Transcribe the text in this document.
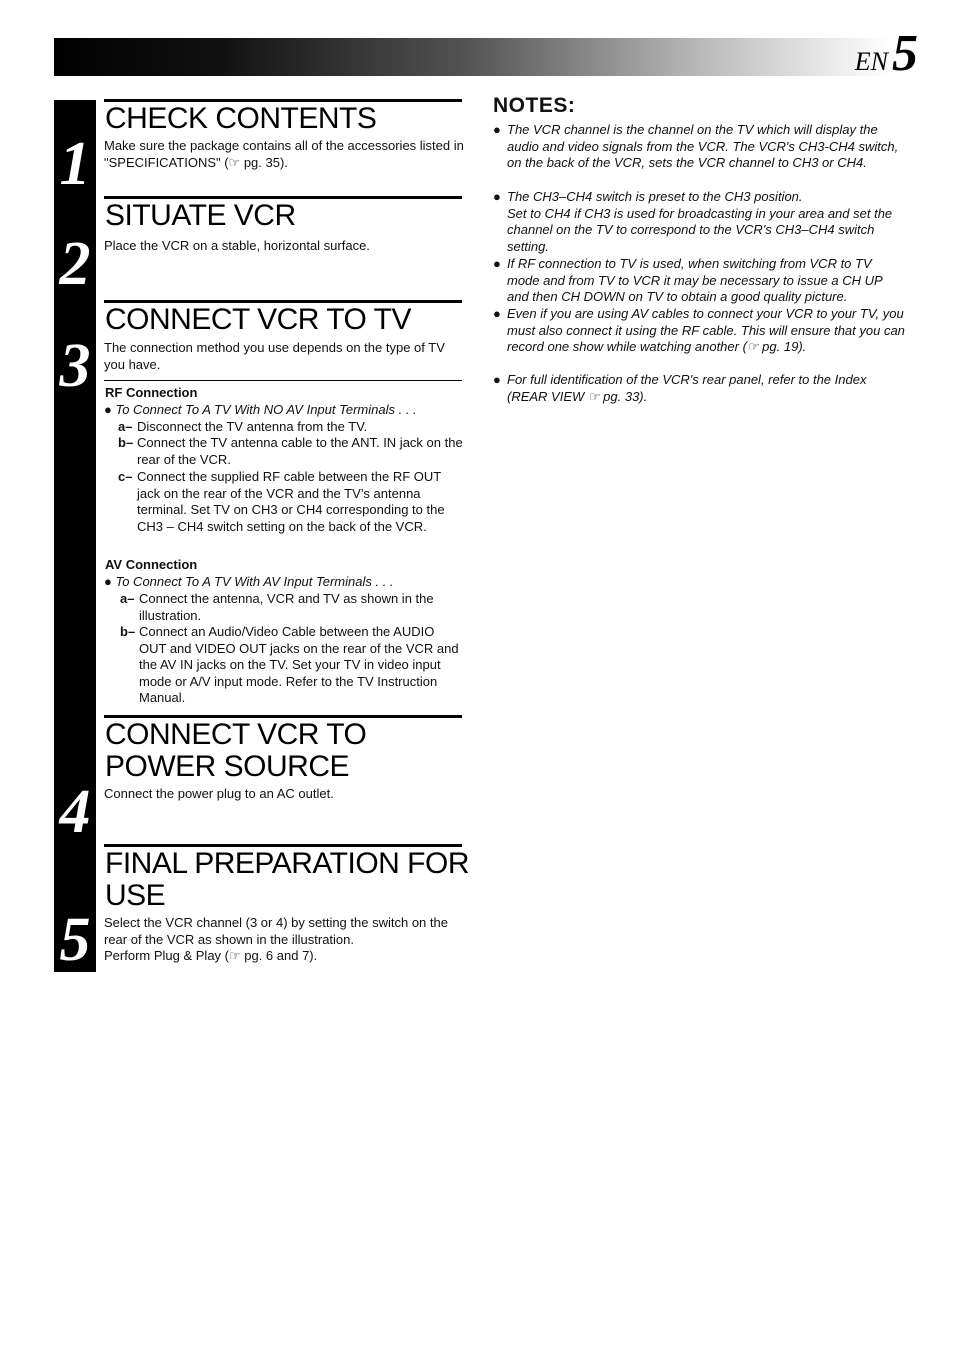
EN 5
1
2
3
4
5
CHECK CONTENTS
Make sure the package contains all of the accessories listed in "SPECIFICATIONS" (☞ pg. 35).
SITUATE VCR
Place the VCR on a stable, horizontal surface.
CONNECT VCR TO TV
The connection method you use depends on the type of TV you have.
RF Connection
● To Connect To A TV With NO AV Input Terminals . . .
a– Disconnect the TV antenna from the TV.
b– Connect the TV antenna cable to the ANT. IN jack on the rear of the VCR.
c– Connect the supplied RF cable between the RF OUT jack on the rear of the VCR and the TV’s antenna terminal. Set TV on CH3 or CH4 corresponding to the CH3 – CH4 switch setting on the back of the VCR.
AV Connection
● To Connect To A TV With AV Input Terminals . . .
a– Connect the antenna, VCR and TV as shown in the illustration.
b– Connect an Audio/Video Cable between the AUDIO OUT and VIDEO OUT jacks on the rear of the VCR and the AV IN jacks on the TV. Set your TV in video input mode or A/V input mode. Refer to the TV Instruction Manual.
CONNECT VCR TO
POWER SOURCE
Connect the power plug to an AC outlet.
FINAL PREPARATION FOR
USE
Select the VCR channel (3 or 4) by setting the switch on the rear of the VCR as shown in the illustration.
Perform Plug & Play (☞ pg. 6 and 7).
NOTES:
● The VCR channel is the channel on the TV which will display the audio and video signals from the VCR. The VCR's CH3-CH4 switch, on the back of the VCR, sets the VCR channel to CH3 or CH4.
● The CH3–CH4 switch is preset to the CH3 position.
Set to CH4 if CH3 is used for broadcasting in your area and set the channel on the TV to correspond to the VCR's CH3–CH4 switch setting.
● If RF connection to TV is used, when switching from VCR to TV mode and from TV to VCR it may be necessary to issue a CH UP and then CH DOWN on TV to obtain a good quality picture.
● Even if you are using AV cables to connect your VCR to your TV, you must also connect it using the RF cable. This will ensure that you can record one show while watching another (☞ pg. 19).
● For full identification of the VCR's rear panel, refer to the Index (REAR VIEW ☞ pg. 33).
